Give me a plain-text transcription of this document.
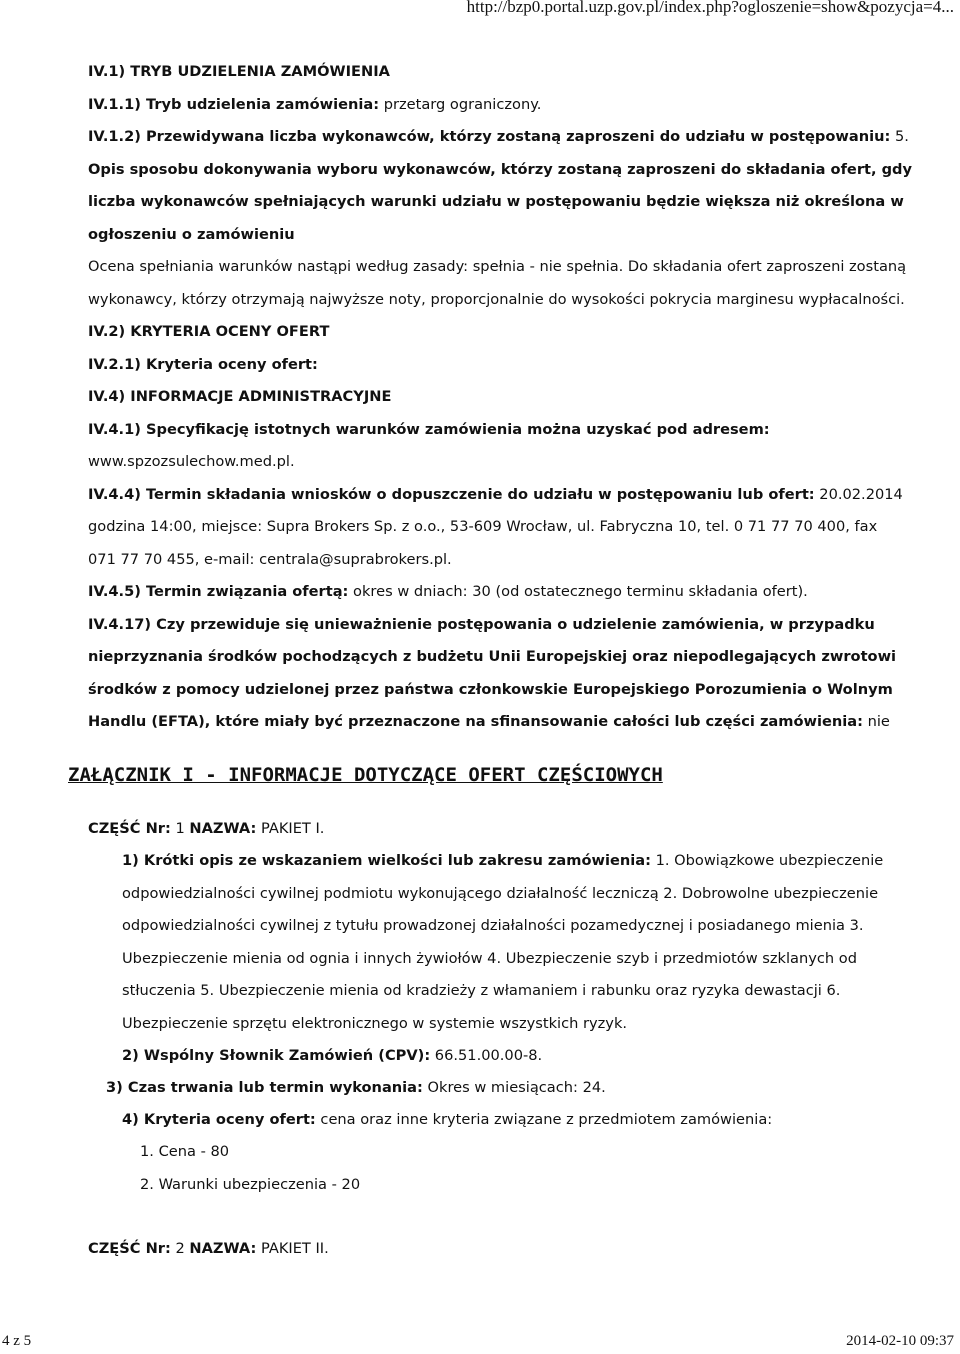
http://bzp0.portal.uzp.gov.pl/index.php?ogloszenie=show&pozycja=4...
IV.1) TRYB UDZIELENIA ZAMÓWIENIA
IV.1.1) Tryb udzielenia zamówienia: przetarg ograniczony.
IV.1.2) Przewidywana liczba wykonawców, którzy zostaną zaproszeni do udziału w postępowaniu: 5.
Opis sposobu dokonywania wyboru wykonawców, którzy zostaną zaproszeni do składania ofert, gdy
liczba wykonawców spełniających warunki udziału w postępowaniu będzie większa niż określona w
ogłoszeniu o zamówieniu
Ocena spełniania warunków nastąpi według zasady: spełnia - nie spełnia. Do składania ofert zaproszeni zostaną
wykonawcy, którzy otrzymają najwyższe noty, proporcjonalnie do wysokości pokrycia marginesu wypłacalności.
IV.2) KRYTERIA OCENY OFERT
IV.2.1) Kryteria oceny ofert:
IV.4) INFORMACJE ADMINISTRACYJNE
IV.4.1) Specyfikację istotnych warunków zamówienia można uzyskać pod adresem:
www.spzozsulechow.med.pl.
IV.4.4) Termin składania wniosków o dopuszczenie do udziału w postępowaniu lub ofert: 20.02.2014
godzina 14:00, miejsce: Supra Brokers Sp. z o.o., 53-609 Wrocław, ul. Fabryczna 10, tel. 0 71 77 70 400, fax
071 77 70 455, e-mail: centrala@suprabrokers.pl.
IV.4.5) Termin związania ofertą: okres w dniach: 30 (od ostatecznego terminu składania ofert).
IV.4.17) Czy przewiduje się unieważnienie postępowania o udzielenie zamówienia, w przypadku
nieprzyznania środków pochodzących z budżetu Unii Europejskiej oraz niepodlegających zwrotowi
środków z pomocy udzielonej przez państwa członkowskie Europejskiego Porozumienia o Wolnym
Handlu (EFTA), które miały być przeznaczone na sfinansowanie całości lub części zamówienia: nie
ZAŁĄCZNIK I - INFORMACJE DOTYCZĄCE OFERT CZĘŚCIOWYCH
CZĘŚĆ Nr: 1 NAZWA: PAKIET I.
1) Krótki opis ze wskazaniem wielkości lub zakresu zamówienia: 1. Obowiązkowe ubezpieczenie
odpowiedzialności cywilnej podmiotu wykonującego działalność leczniczą 2. Dobrowolne ubezpieczenie
odpowiedzialności cywilnej z tytułu prowadzonej działalności pozamedycznej i posiadanego mienia 3.
Ubezpieczenie mienia od ognia i innych żywiołów 4. Ubezpieczenie szyb i przedmiotów szklanych od
stłuczenia 5. Ubezpieczenie mienia od kradzieży z włamaniem i rabunku oraz ryzyka dewastacji 6.
Ubezpieczenie sprzętu elektronicznego w systemie wszystkich ryzyk.
2) Wspólny Słownik Zamówień (CPV): 66.51.00.00-8.
3) Czas trwania lub termin wykonania: Okres w miesiącach: 24.
4) Kryteria oceny ofert: cena oraz inne kryteria związane z przedmiotem zamówienia:
1. Cena - 80
2. Warunki ubezpieczenia - 20
CZĘŚĆ Nr: 2 NAZWA: PAKIET II.
4 z 5	2014-02-10 09:37
